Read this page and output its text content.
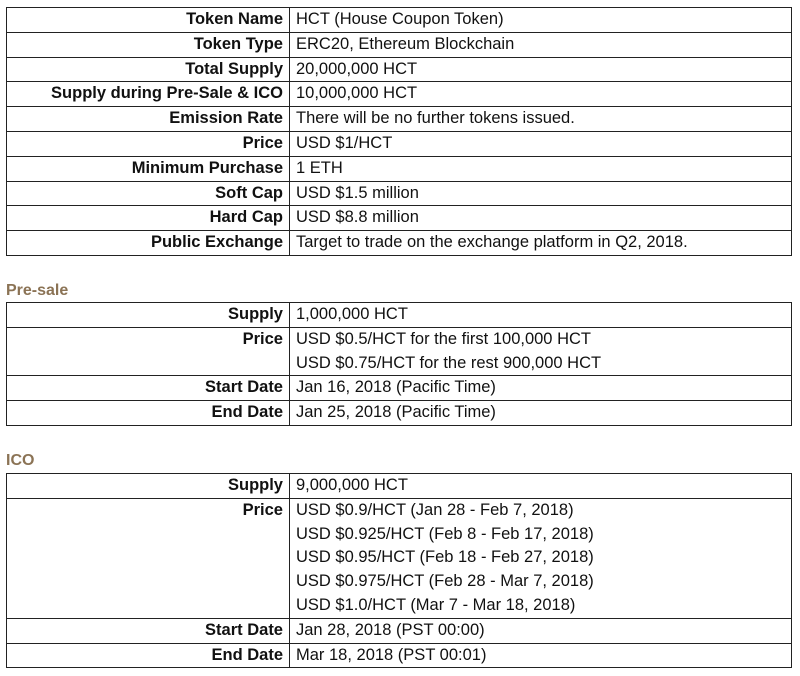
Token Name	HCT (House Coupon Token)
Token Type	ERC20, Ethereum Blockchain
Total Supply	20,000,000 HCT
Supply during Pre-Sale & ICO	10,000,000 HCT
Emission Rate	There will be no further tokens issued.
Price	USD $1/HCT
Minimum Purchase	1 ETH
Soft Cap	USD $1.5 million
Hard Cap	USD $8.8 million
Public Exchange	Target to trade on the exchange platform in Q2, 2018.
Pre-sale
Supply	1,000,000 HCT
Price	USD $0.5/HCT for the first 100,000 HCT
USD $0.75/HCT for the rest 900,000 HCT

Start Date	Jan 16, 2018 (Pacific Time)
End Date	Jan 25, 2018 (Pacific Time)
ICO
Supply	9,000,000 HCT
Price	USD $0.9/HCT (Jan 28 - Feb 7, 2018)
USD $0.925/HCT (Feb 8 - Feb 17, 2018)
USD $0.95/HCT (Feb 18 - Feb 27, 2018)
USD $0.975/HCT (Feb 28 - Mar 7, 2018)
USD $1.0/HCT (Mar 7 - Mar 18, 2018)

Start Date	Jan 28, 2018 (PST 00:00)
End Date	Mar 18, 2018 (PST 00:01)
